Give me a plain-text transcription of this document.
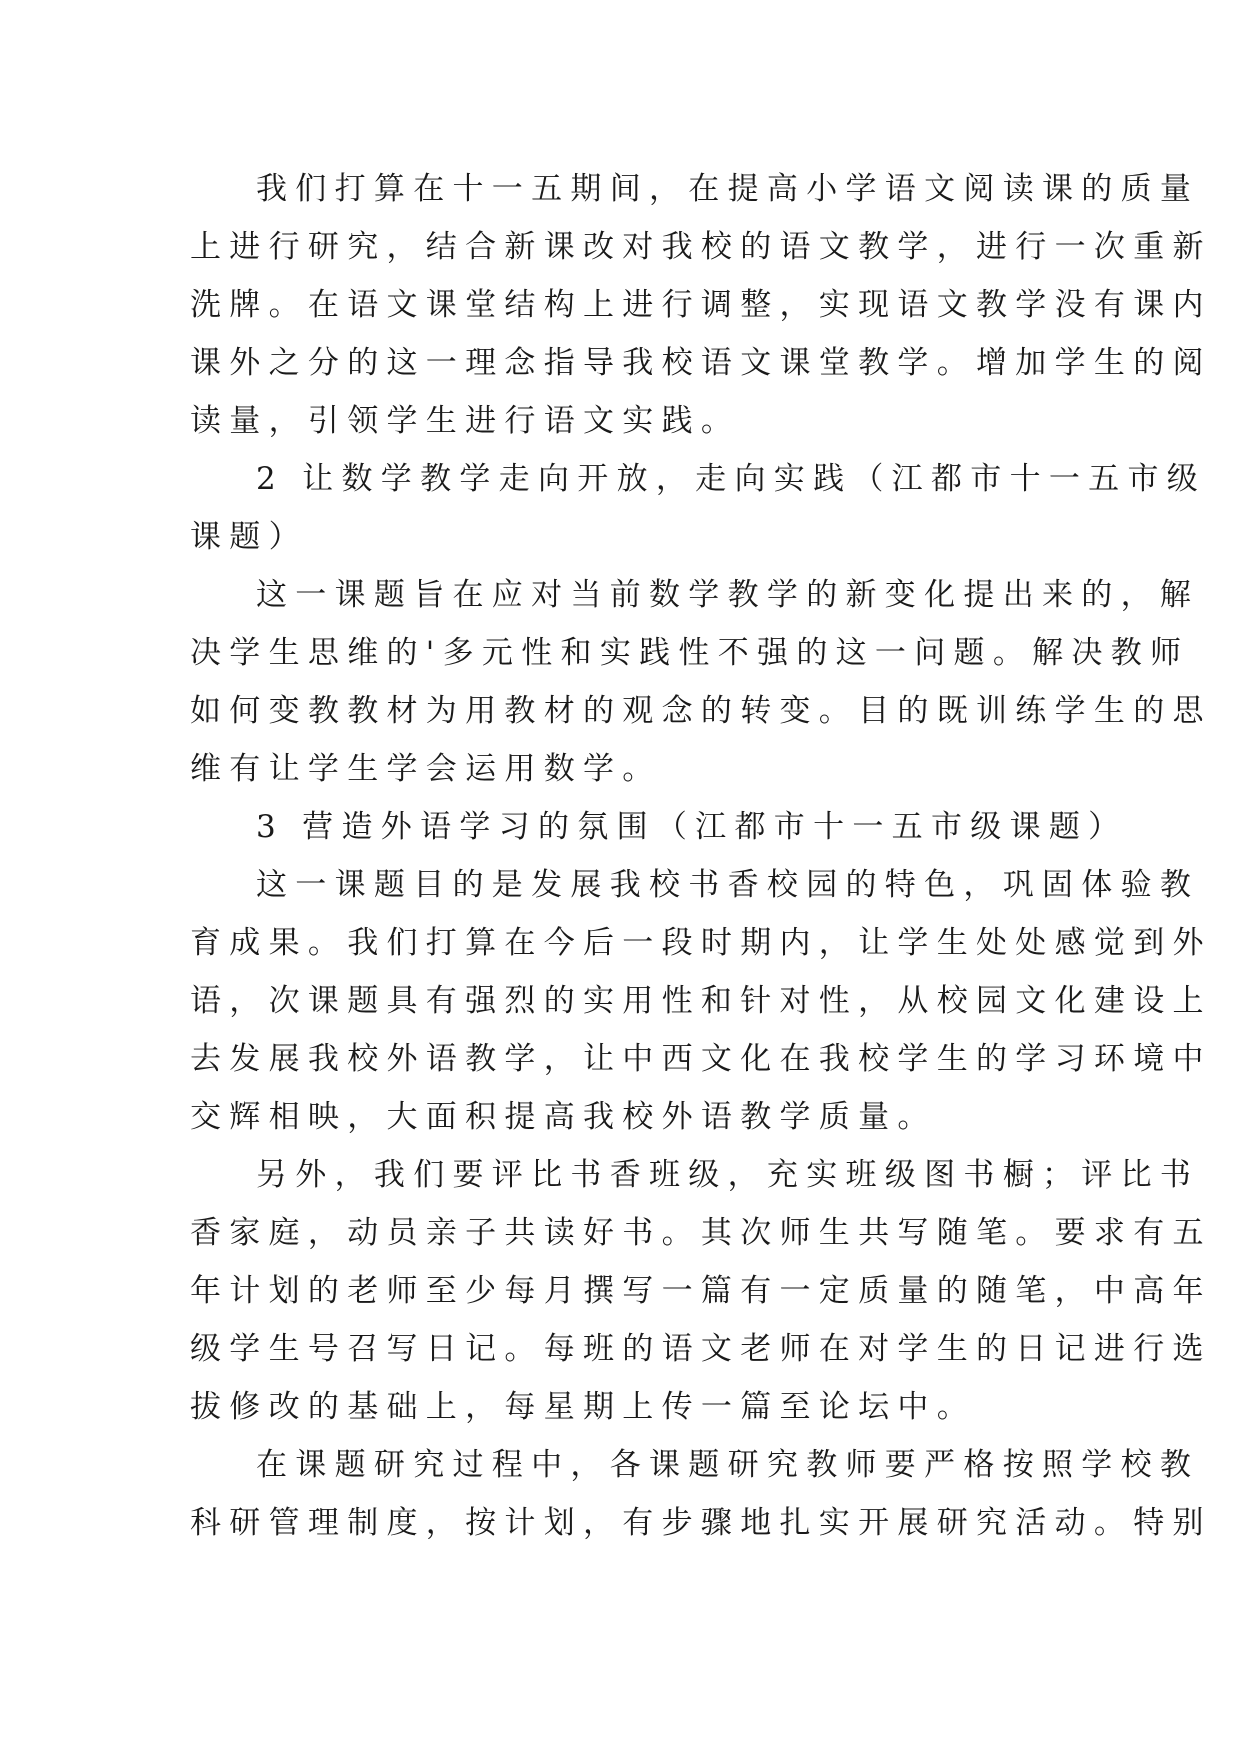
我们打算在十一五期间，在提高小学语文阅读课的质量
上进行研究，结合新课改对我校的语文教学，进行一次重新
洗牌。在语文课堂结构上进行调整，实现语文教学没有课内
课外之分的这一理念指导我校语文课堂教学。增加学生的阅
读量，引领学生进行语文实践。
2 让数学教学走向开放，走向实践（江都市十一五市级
课题）
这一课题旨在应对当前数学教学的新变化提出来的，解
决学生思维的'多元性和实践性不强的这一问题。解决教师
如何变教教材为用教材的观念的转变。目的既训练学生的思
维有让学生学会运用数学。
3 营造外语学习的氛围（江都市十一五市级课题）
这一课题目的是发展我校书香校园的特色，巩固体验教
育成果。我们打算在今后一段时期内，让学生处处感觉到外
语，次课题具有强烈的实用性和针对性，从校园文化建设上
去发展我校外语教学，让中西文化在我校学生的学习环境中
交辉相映，大面积提高我校外语教学质量。
另外，我们要评比书香班级，充实班级图书橱；评比书
香家庭，动员亲子共读好书。其次师生共写随笔。要求有五
年计划的老师至少每月撰写一篇有一定质量的随笔，中高年
级学生号召写日记。每班的语文老师在对学生的日记进行选
拔修改的基础上，每星期上传一篇至论坛中。
在课题研究过程中，各课题研究教师要严格按照学校教
科研管理制度，按计划，有步骤地扎实开展研究活动。特别
